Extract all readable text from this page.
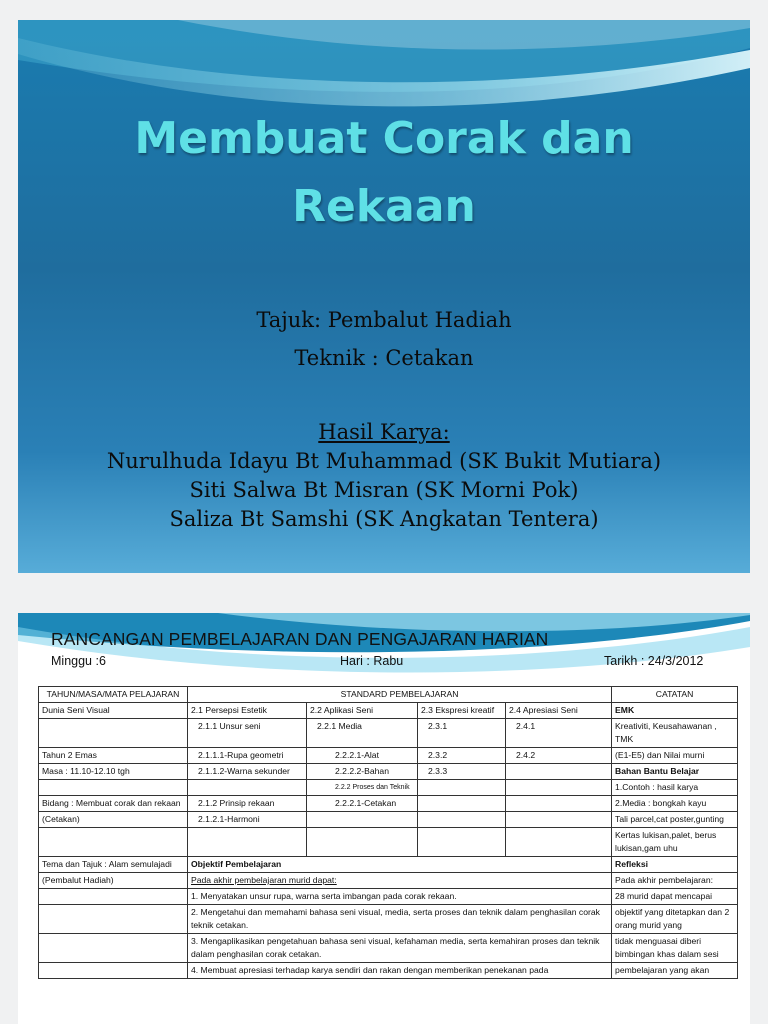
Membuat Corak dan
Rekaan
Tajuk: Pembalut Hadiah
Teknik : Cetakan
Hasil Karya:
Nurulhuda Idayu Bt Muhammad (SK Bukit Mutiara)
Siti Salwa Bt Misran (SK Morni Pok)
Saliza Bt Samshi (SK Angkatan Tentera)
RANCANGAN PEMBELAJARAN DAN PENGAJARAN HARIAN
Minggu :6	Hari : Rabu	Tarikh : 24/3/2012
TAHUN/MASA/MATA PELAJARAN	STANDARD PEMBELAJARAN				CATATAN
Dunia Seni Visual	2.1 Persepsi Estetik	2.2 Aplikasi Seni	2.3 Ekspresi kreatif	2.4 Apresiasi Seni	EMK
	2.1.1 Unsur seni	2.2.1 Media	2.3.1	2.4.1	Kreativiti, Keusahawanan , TMK
Tahun 2 Emas	2.1.1.1-Rupa geometri	2.2.2.1-Alat	2.3.2	2.4.2	(E1-E5) dan Nilai murni
Masa : 11.10-12.10 tgh	2.1.1.2-Warna sekunder	2.2.2.2-Bahan	2.3.3		Bahan Bantu Belajar
		2.2.2 Proses dan Teknik			1.Contoh : hasil karya
Bidang : Membuat corak dan rekaan	2.1.2 Prinsip rekaan	2.2.2.1-Cetakan			2.Media : bongkah kayu
(Cetakan)	2.1.2.1-Harmoni				Tali parcel,cat poster,gunting
					Kertas lukisan,palet, berus lukisan,gam uhu
Tema dan Tajuk : Alam semulajadi	Objektif Pembelajaran				Refleksi
(Pembalut Hadiah)	Pada akhir pembelajaran murid dapat:				Pada akhir pembelajaran:
	1. Menyatakan unsur rupa, warna serta imbangan pada corak rekaan.				28 murid dapat mencapai
	2. Mengetahui dan memahami bahasa seni visual, media, serta proses dan teknik dalam penghasilan corak teknik cetakan.				objektif yang ditetapkan dan 2 orang murid yang
	3. Mengaplikasikan pengetahuan bahasa seni visual, kefahaman media, serta kemahiran proses dan teknik dalam penghasilan corak cetakan.				tidak menguasai diberi bimbingan khas dalam sesi
	4. Membuat apresiasi terhadap karya sendiri dan rakan dengan memberikan penekanan pada				pembelajaran yang akan
